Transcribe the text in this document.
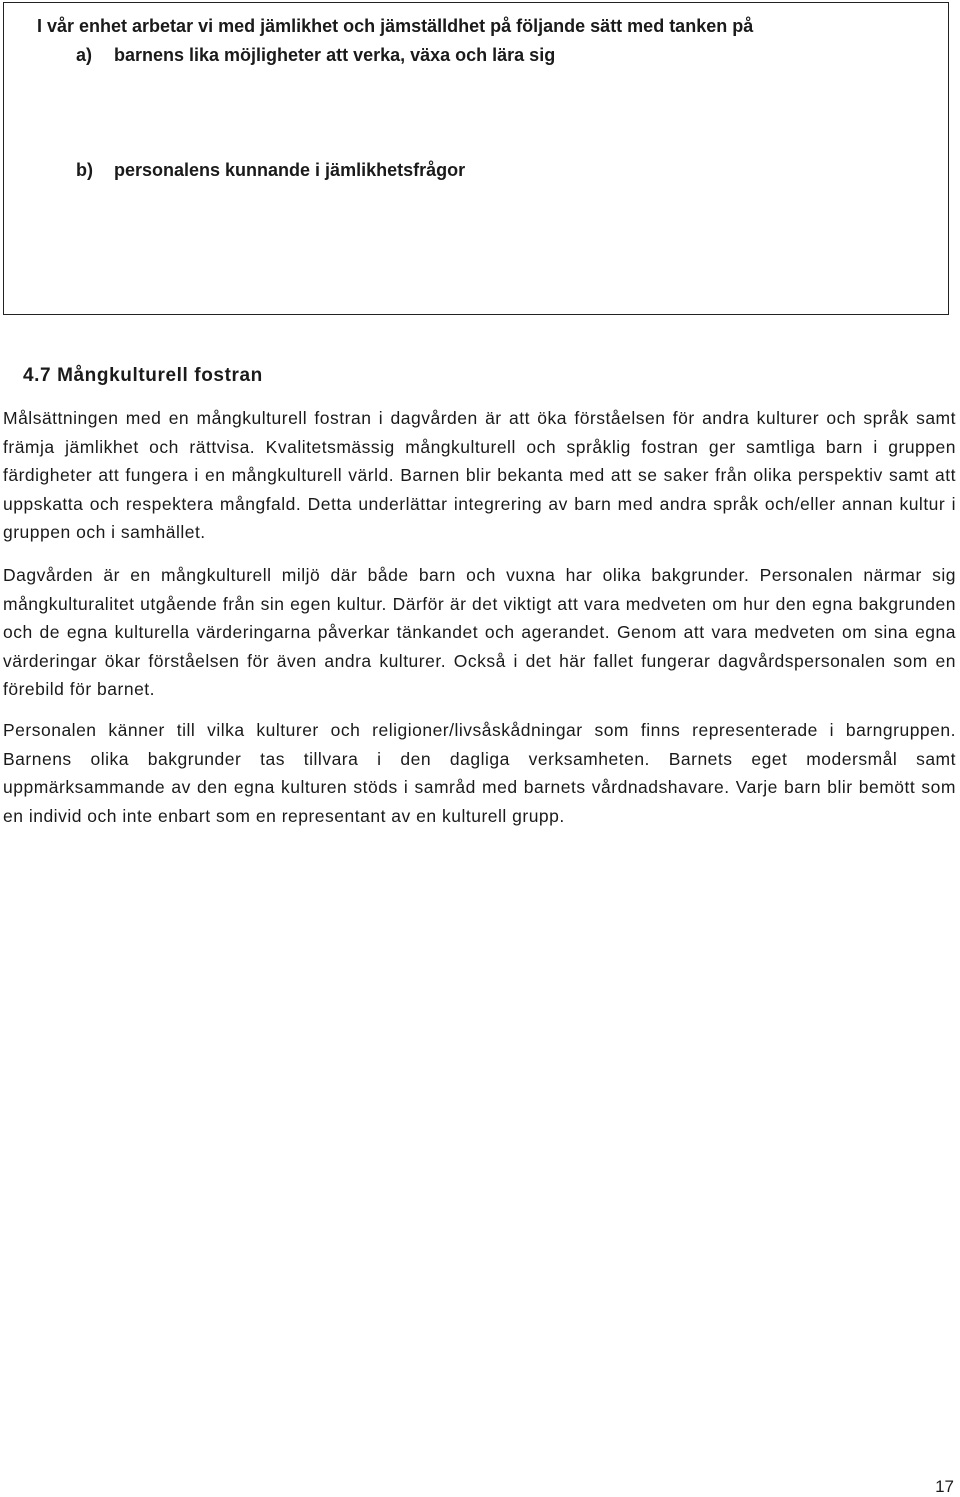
I vår enhet arbetar vi med jämlikhet och jämställdhet på följande sätt med tanken på
a) barnens lika möjligheter att verka, växa och lära sig
b) personalens kunnande i jämlikhetsfrågor
4.7 Mångkulturell fostran

Målsättningen med en mångkulturell fostran i dagvården är att öka förståelsen för andra kulturer och språk samt främja jämlikhet och rättvisa. Kvalitetsmässig mångkulturell och språklig fostran ger samtliga barn i gruppen färdigheter att fungera i en mångkulturell värld. Barnen blir bekanta med att se saker från olika perspektiv samt att uppskatta och respektera mångfald. Detta underlättar integrering av barn med andra språk och/eller annan kultur i gruppen och i samhället.

Dagvården är en mångkulturell miljö där både barn och vuxna har olika bakgrunder. Personalen närmar sig mångkulturalitet utgående från sin egen kultur. Därför är det viktigt att vara medveten om hur den egna bakgrunden och de egna kulturella värderingarna påverkar tänkandet och agerandet. Genom att vara medveten om sina egna värderingar ökar förståelsen för även andra kulturer. Också i det här fallet fungerar dagvårdspersonalen som en förebild för barnet.

Personalen känner till vilka kulturer och religioner/livsåskådningar som finns representerade i barngruppen. Barnens olika bakgrunder tas tillvara i den dagliga verksamheten. Barnets eget modersmål samt uppmärksammande av den egna kulturen stöds i samråd med barnets vårdnadshavare. Varje barn blir bemött som en individ och inte enbart som en representant av en kulturell grupp.

17
